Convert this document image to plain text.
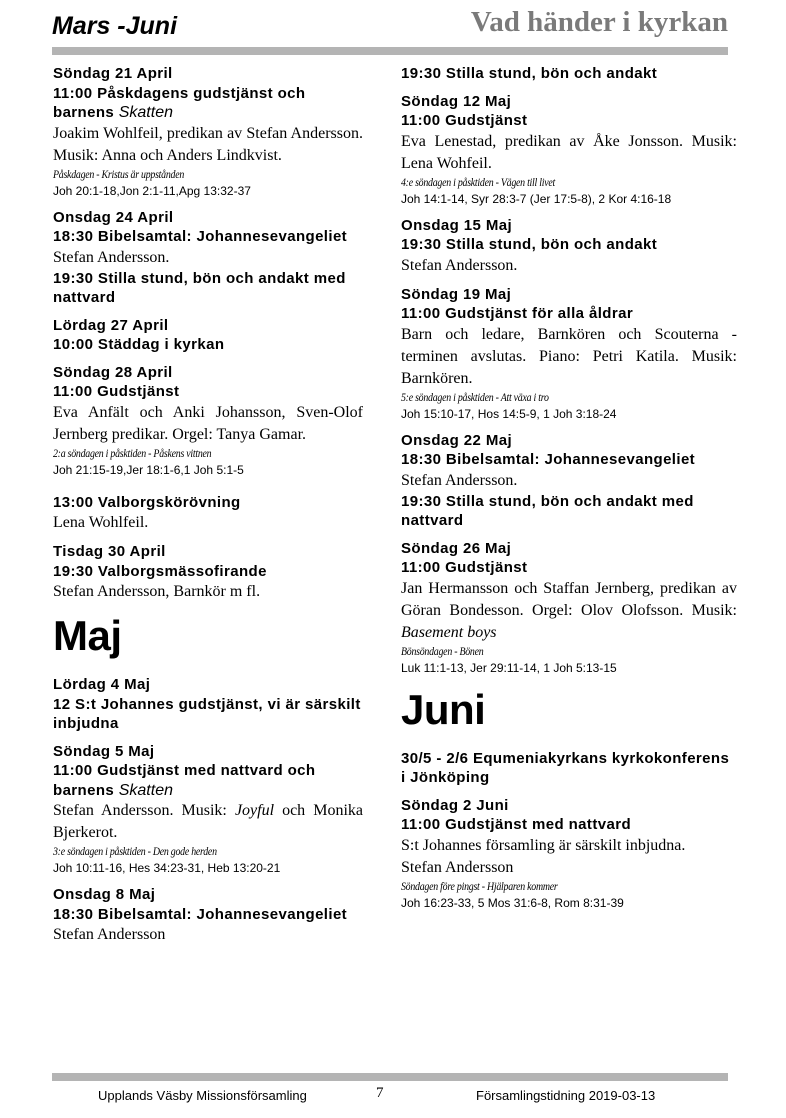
Mars -Juni	Vad händer i kyrkan
Söndag 21 April
11:00 Påskdagens gudstjänst och barnens Skatten
Joakim Wohlfeil, predikan av Stefan Andersson. Musik: Anna och Anders Lindkvist.
Påskdagen - Kristus är uppstånden
Joh 20:1-18,Jon 2:1-11,Apg 13:32-37
Onsdag 24 April
18:30 Bibelsamtal: Johannesevangeliet
Stefan Andersson.
19:30 Stilla stund, bön och andakt med nattvard
Lördag 27 April
10:00 Städdag i kyrkan
Söndag 28 April
11:00 Gudstjänst
Eva Anfält och Anki Johansson, Sven-Olof Jernberg predikar. Orgel: Tanya Gamar.
2:a söndagen i påsktiden - Påskens vittnen
Joh 21:15-19,Jer 18:1-6,1 Joh 5:1-5
13:00 Valborgskörövning
Lena Wohlfeil.
Tisdag 30 April
19:30 Valborgsmässofirande
Stefan Andersson, Barnkör m fl.
Maj
Lördag 4 Maj
12 S:t Johannes gudstjänst, vi är särskilt inbjudna
Söndag 5 Maj
11:00 Gudstjänst med nattvard och barnens Skatten
Stefan Andersson. Musik: Joyful och Monika Bjerkerot.
3:e söndagen i påsktiden - Den gode herden
Joh 10:11-16, Hes 34:23-31, Heb 13:20-21
Onsdag 8 Maj
18:30 Bibelsamtal: Johannesevangeliet
Stefan Andersson
19:30 Stilla stund, bön och andakt
Söndag 12 Maj
11:00 Gudstjänst
Eva Lenestad, predikan av Åke Jonsson. Musik: Lena Wohfeil.
4:e söndagen i påsktiden - Vägen till livet
Joh 14:1-14, Syr 28:3-7 (Jer 17:5-8), 2 Kor 4:16-18
Onsdag 15 Maj
19:30 Stilla stund, bön och andakt
Stefan Andersson.
Söndag 19 Maj
11:00 Gudstjänst för alla åldrar
Barn och ledare, Barnkören och Scouterna - terminen avslutas. Piano: Petri Katila. Musik: Barnkören.
5:e söndagen i påsktiden - Att växa i tro
Joh 15:10-17, Hos 14:5-9, 1 Joh 3:18-24
Onsdag 22 Maj
18:30 Bibelsamtal: Johannesevangeliet
Stefan Andersson.
19:30 Stilla stund, bön och andakt med nattvard
Söndag 26 Maj
11:00 Gudstjänst
Jan Hermansson och Staffan Jernberg, predikan av Göran Bondesson. Orgel: Olov Olofsson. Musik: Basement boys
Bönsöndagen - Bönen
Luk 11:1-13, Jer 29:11-14, 1 Joh 5:13-15
Juni
30/5 - 2/6 Equmeniakyrkans kyrkokonferens i Jönköping
Söndag 2 Juni
11:00 Gudstjänst med nattvard
S:t Johannes församling är särskilt inbjudna.
Stefan Andersson
Söndagen före pingst - Hjälparen kommer
Joh 16:23-33, 5 Mos 31:6-8, Rom 8:31-39
Upplands Väsby Missionsförsamling	7	Församlingstidning 2019-03-13
